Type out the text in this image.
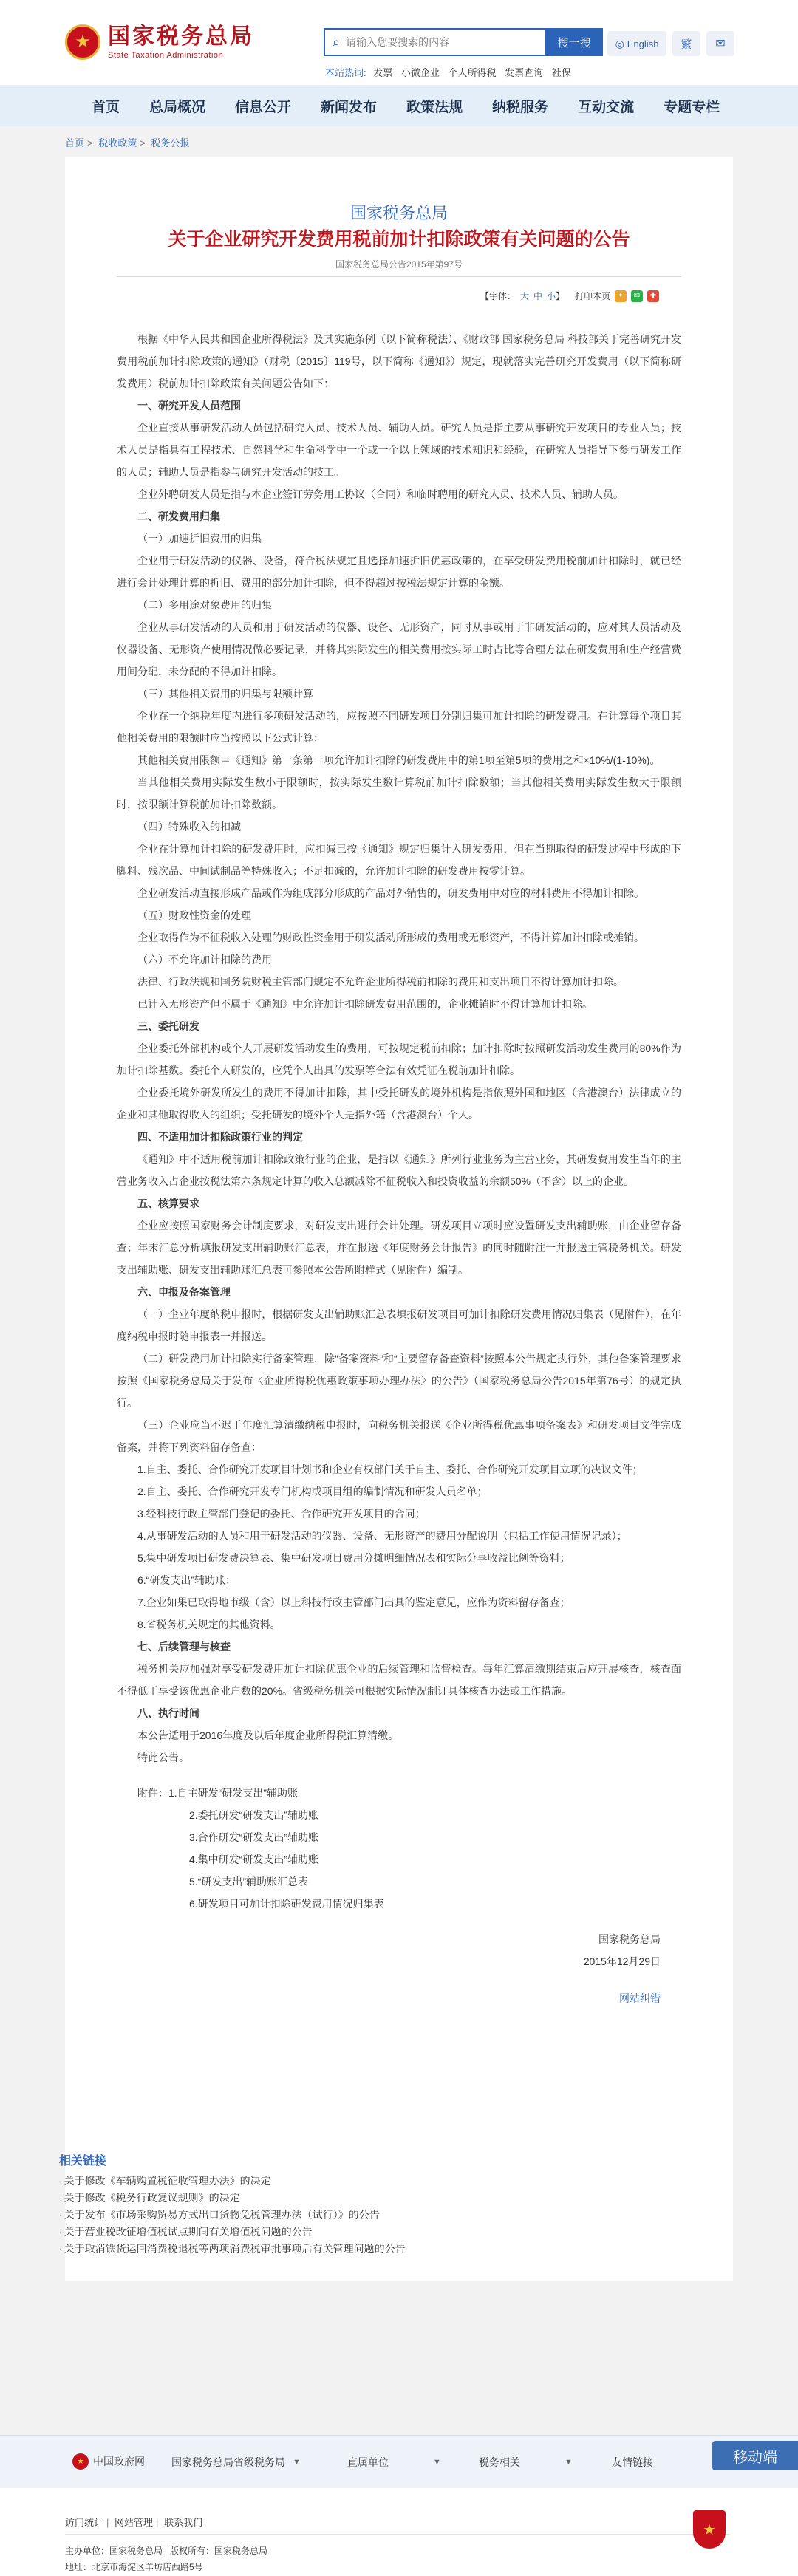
★ 国家税务总局
State Taxation Administration
⌕
请输入您要搜索的内容	搜一搜
本站热词: 发票 小微企业 个人所得税 发票查询 社保
◎ English	繁	✉
首页 总局概况 信息公开 新闻发布 政策法规 纳税服务 互动交流 专题专栏
首页 > 税收政策 > 税务公报
国家税务总局
关于企业研究开发费用税前加计扣除政策有关问题的公告
国家税务总局公告2015年第97号
【字体： 大 中 小 】 打印本页 ✦	✉	✚

根据《中华人民共和国企业所得税法》及其实施条例（以下简称税法）、《财政部 国家税务总局 科技部关于完善研究开发费用税前加计扣除政策的通知》（财税〔2015〕119号，以下简称《通知》）规定，现就落实完善研究开发费用（以下简称研发费用）税前加计扣除政策有关问题公告如下：

一、研究开发人员范围

企业直接从事研发活动人员包括研究人员、技术人员、辅助人员。研究人员是指主要从事研究开发项目的专业人员；技术人员是指具有工程技术、自然科学和生命科学中一个或一个以上领域的技术知识和经验，在研究人员指导下参与研发工作的人员；辅助人员是指参与研究开发活动的技工。

企业外聘研发人员是指与本企业签订劳务用工协议（合同）和临时聘用的研究人员、技术人员、辅助人员。

二、研发费用归集

（一）加速折旧费用的归集

企业用于研发活动的仪器、设备，符合税法规定且选择加速折旧优惠政策的，在享受研发费用税前加计扣除时，就已经进行会计处理计算的折旧、费用的部分加计扣除，但不得超过按税法规定计算的金额。

（二）多用途对象费用的归集

企业从事研发活动的人员和用于研发活动的仪器、设备、无形资产，同时从事或用于非研发活动的，应对其人员活动及仪器设备、无形资产使用情况做必要记录，并将其实际发生的相关费用按实际工时占比等合理方法在研发费用和生产经营费用间分配，未分配的不得加计扣除。

（三）其他相关费用的归集与限额计算

企业在一个纳税年度内进行多项研发活动的，应按照不同研发项目分别归集可加计扣除的研发费用。在计算每个项目其他相关费用的限额时应当按照以下公式计算：

其他相关费用限额＝《通知》第一条第一项允许加计扣除的研发费用中的第1项至第5项的费用之和×10%/(1-10%)。

当其他相关费用实际发生数小于限额时，按实际发生数计算税前加计扣除数额；当其他相关费用实际发生数大于限额时，按限额计算税前加计扣除数额。

（四）特殊收入的扣减

企业在计算加计扣除的研发费用时，应扣减已按《通知》规定归集计入研发费用，但在当期取得的研发过程中形成的下脚料、残次品、中间试制品等特殊收入；不足扣减的，允许加计扣除的研发费用按零计算。

企业研发活动直接形成产品或作为组成部分形成的产品对外销售的，研发费用中对应的材料费用不得加计扣除。

（五）财政性资金的处理

企业取得作为不征税收入处理的财政性资金用于研发活动所形成的费用或无形资产，不得计算加计扣除或摊销。

（六）不允许加计扣除的费用

法律、行政法规和国务院财税主管部门规定不允许企业所得税前扣除的费用和支出项目不得计算加计扣除。

已计入无形资产但不属于《通知》中允许加计扣除研发费用范围的，企业摊销时不得计算加计扣除。

三、委托研发

企业委托外部机构或个人开展研发活动发生的费用，可按规定税前扣除；加计扣除时按照研发活动发生费用的80%作为加计扣除基数。委托个人研发的，应凭个人出具的发票等合法有效凭证在税前加计扣除。

企业委托境外研发所发生的费用不得加计扣除，其中受托研发的境外机构是指依照外国和地区（含港澳台）法律成立的企业和其他取得收入的组织；受托研发的境外个人是指外籍（含港澳台）个人。

四、不适用加计扣除政策行业的判定

《通知》中不适用税前加计扣除政策行业的企业，是指以《通知》所列行业业务为主营业务，其研发费用发生当年的主营业务收入占企业按税法第六条规定计算的收入总额减除不征税收入和投资收益的余额50%（不含）以上的企业。

五、核算要求

企业应按照国家财务会计制度要求，对研发支出进行会计处理。研发项目立项时应设置研发支出辅助账，由企业留存备查；年末汇总分析填报研发支出辅助账汇总表，并在报送《年度财务会计报告》的同时随附注一并报送主管税务机关。研发支出辅助账、研发支出辅助账汇总表可参照本公告所附样式（见附件）编制。

六、申报及备案管理

（一）企业年度纳税申报时，根据研发支出辅助账汇总表填报研发项目可加计扣除研发费用情况归集表（见附件），在年度纳税申报时随申报表一并报送。

（二）研发费用加计扣除实行备案管理，除“备案资料”和“主要留存备查资料”按照本公告规定执行外，其他备案管理要求按照《国家税务总局关于发布〈企业所得税优惠政策事项办理办法〉的公告》（国家税务总局公告2015年第76号）的规定执行。

（三）企业应当不迟于年度汇算清缴纳税申报时，向税务机关报送《企业所得税优惠事项备案表》和研发项目文件完成备案，并将下列资料留存备查：

1.自主、委托、合作研究开发项目计划书和企业有权部门关于自主、委托、合作研究开发项目立项的决议文件；

2.自主、委托、合作研究开发专门机构或项目组的编制情况和研发人员名单；

3.经科技行政主管部门登记的委托、合作研究开发项目的合同；

4.从事研发活动的人员和用于研发活动的仪器、设备、无形资产的费用分配说明（包括工作使用情况记录）；

5.集中研发项目研发费决算表、集中研发项目费用分摊明细情况表和实际分享收益比例等资料；

6.“研发支出”辅助账；

7.企业如果已取得地市级（含）以上科技行政主管部门出具的鉴定意见，应作为资料留存备查；

8.省税务机关规定的其他资料。

七、后续管理与核查

税务机关应加强对享受研发费用加计扣除优惠企业的后续管理和监督检查。每年汇算清缴期结束后应开展核查，核查面不得低于享受该优惠企业户数的20%。省级税务机关可根据实际情况制订具体核查办法或工作措施。

八、执行时间

本公告适用于2016年度及以后年度企业所得税汇算清缴。

特此公告。

附件：1.自主研发“研发支出”辅助账

2.委托研发“研发支出”辅助账

3.合作研发“研发支出”辅助账

4.集中研发“研发支出”辅助账

5.“研发支出”辅助账汇总表

6.研发项目可加计扣除研发费用情况归集表

国家税务总局

2015年12月29日

网站纠错

相关链接
· 关于修改《车辆购置税征收管理办法》的决定
· 关于修改《税务行政复议规则》的决定
· 关于发布《市场采购贸易方式出口货物免税管理办法（试行）》的公告
· 关于营业税改征增值税试点期间有关增值税问题的公告
· 关于取消铁货运回消费税退税等两项消费税审批事项后有关管理问题的公告
★ 中国政府网	国家税务总局省级税务局 ▼	直属单位	▼	税务相关	▼	友情链接	移动端
访问统计 | 网站管理 | 联系我们
主办单位：国家税务总局 版权所有：国家税务总局
地址：北京市海淀区羊坊店西路5号
★
